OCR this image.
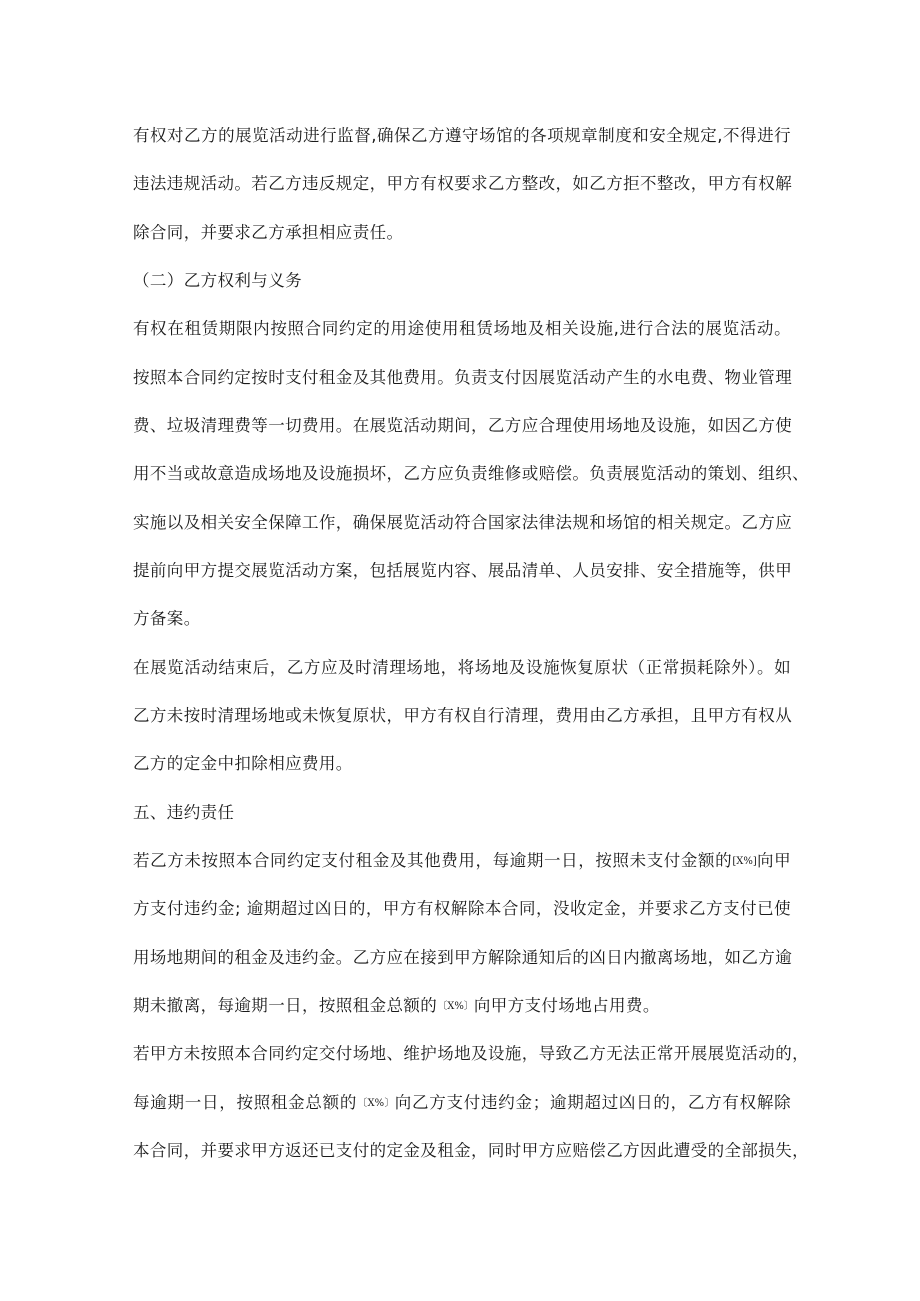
有权对乙方的展览活动进行监督,确保乙方遵守场馆的各项规章制度和安全规定,不得进行
违法违规活动。若乙方违反规定，甲方有权要求乙方整改，如乙方拒不整改，甲方有权解
除合同，并要求乙方承担相应责任。
（二）乙方权利与义务
有权在租赁期限内按照合同约定的用途使用租赁场地及相关设施,进行合法的展览活动。
按照本合同约定按时支付租金及其他费用。负责支付因展览活动产生的水电费、物业管理
费、垃圾清理费等一切费用。在展览活动期间，乙方应合理使用场地及设施，如因乙方使
用不当或故意造成场地及设施损坏，乙方应负责维修或赔偿。负责展览活动的策划、组织、
实施以及相关安全保障工作，确保展览活动符合国家法律法规和场馆的相关规定。乙方应
提前向甲方提交展览活动方案，包括展览内容、展品清单、人员安排、安全措施等，供甲
方备案。
在展览活动结束后，乙方应及时清理场地，将场地及设施恢复原状（正常损耗除外）。如
乙方未按时清理场地或未恢复原状，甲方有权自行清理，费用由乙方承担，且甲方有权从
乙方的定金中扣除相应费用。
五、违约责任
若乙方未按照本合同约定支付租金及其他费用，每逾期一日，按照未支付金额的[X%]向甲
方支付违约金; 逾期超过凶日的，甲方有权解除本合同，没收定金，并要求乙方支付已使
用场地期间的租金及违约金。乙方应在接到甲方解除通知后的凶日内撤离场地，如乙方逾
期未撤离，每逾期一日，按照租金总额的〔X%〕向甲方支付场地占用费。
若甲方未按照本合同约定交付场地、维护场地及设施，导致乙方无法正常开展展览活动的，
每逾期一日，按照租金总额的〔X%〕向乙方支付违约金；逾期超过凶日的，乙方有权解除
本合同，并要求甲方返还已支付的定金及租金，同时甲方应赔偿乙方因此遭受的全部损失，
